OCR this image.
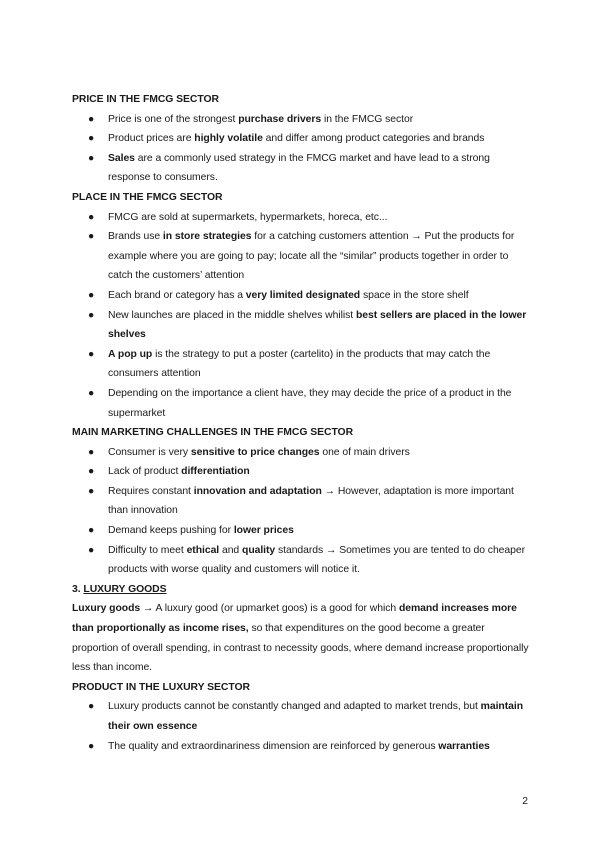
PRICE IN THE FMCG SECTOR
● Price is one of the strongest purchase drivers in the FMCG sector
● Product prices are highly volatile and differ among product categories and brands
● Sales are a commonly used strategy in the FMCG market and have lead to a strong response to consumers.
PLACE IN THE FMCG SECTOR
● FMCG are sold at supermarkets, hypermarkets, horeca, etc...
● Brands use in store strategies for a catching customers attention → Put the products for example where you are going to pay; locate all the “similar” products together in order to catch the customers’ attention
● Each brand or category has a very limited designated space in the store shelf
● New launches are placed in the middle shelves whilist best sellers are placed in the lower shelves
● A pop up is the strategy to put a poster (cartelito) in the products that may catch the consumers attention
● Depending on the importance a client have, they may decide the price of a product in the supermarket
MAIN MARKETING CHALLENGES IN THE FMCG SECTOR
● Consumer is very sensitive to price changes one of main drivers
● Lack of product differentiation
● Requires constant innovation and adaptation → However, adaptation is more important than innovation
● Demand keeps pushing for lower prices
● Difficulty to meet ethical and quality standards → Sometimes you are tented to do cheaper products with worse quality and customers will notice it.
3. LUXURY GOODS

Luxury goods → A luxury good (or upmarket goos) is a good for which demand increases more than proportionally as income rises, so that expenditures on the good become a greater proportion of overall spending, in contrast to necessity goods, where demand increase proportionally less than income.

PRODUCT IN THE LUXURY SECTOR
● Luxury products cannot be constantly changed and adapted to market trends, but maintain their own essence
● The quality and extraordinariness dimension are reinforced by generous warranties
2
